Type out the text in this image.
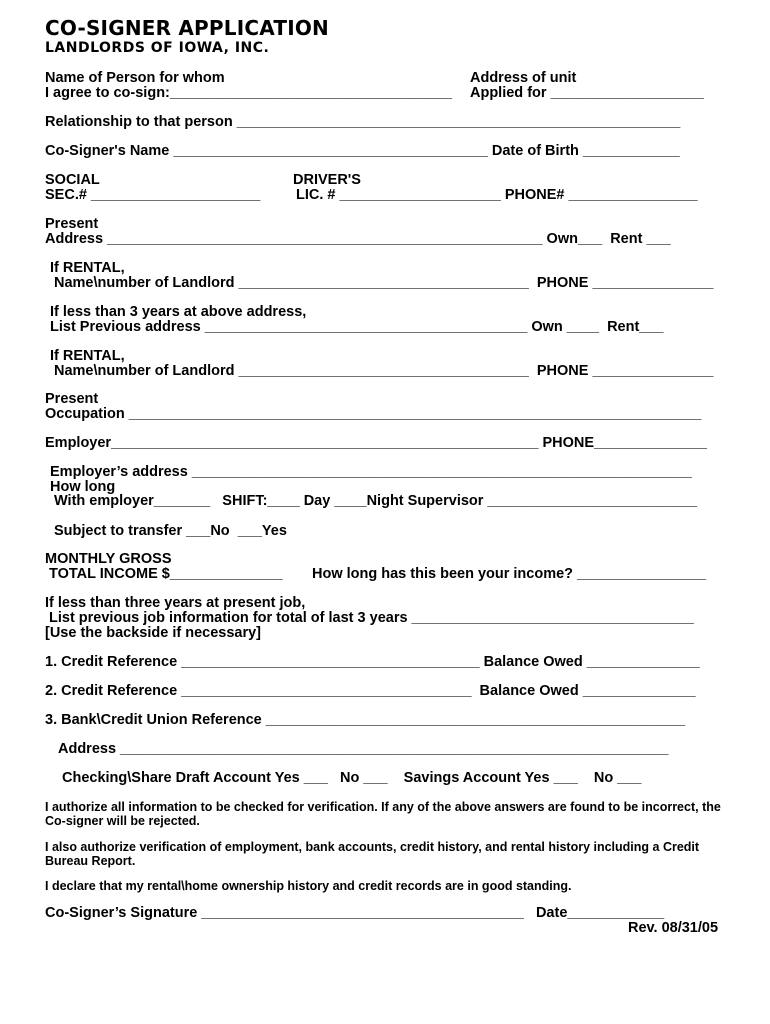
CO-SIGNER APPLICATION
LANDLORDS OF IOWA, INC.
Name of Person for whom
I agree to co-sign:___________________________________
Address of unit
Applied for ___________________
Relationship to that person _______________________________________________________
Co-Signer's Name _______________________________________ Date of Birth ____________
SOCIAL
SEC.# _____________________
DRIVER'S
LIC. # ____________________ PHONE# ________________
Present
Address ______________________________________________________ Own___  Rent ___
If RENTAL,
Name\number of Landlord ____________________________________  PHONE _______________
If less than 3 years at above address,
List Previous address ________________________________________ Own ____  Rent___
If RENTAL,
Name\number of Landlord ____________________________________  PHONE _______________
Present
Occupation _______________________________________________________________________
Employer_____________________________________________________ PHONE______________
Employer’s address ______________________________________________________________
How long
With employer_______   SHIFT:____ Day ____Night Supervisor __________________________
Subject to transfer ___No  ___Yes
MONTHLY GROSS
TOTAL INCOME $______________ How long has this been your income? ________________
If less than three years at present job,
List previous job information for total of last 3 years ___________________________________
[Use the backside if necessary]
1. Credit Reference _____________________________________ Balance Owed ______________
2. Credit Reference ____________________________________  Balance Owed ______________
3. Bank\Credit Union Reference ____________________________________________________
Address ____________________________________________________________________
Checking\Share Draft Account Yes ___   No ___    Savings Account Yes ___    No ___
I authorize all information to be checked for verification. If any of the above answers are found to be incorrect, the Co-signer will be rejected.
I also authorize verification of employment, bank accounts, credit history, and rental history including a Credit Bureau Report.
I declare that my rental\home ownership history and credit records are in good standing.
Co-Signer’s Signature ________________________________________   Date____________
Rev. 08/31/05
